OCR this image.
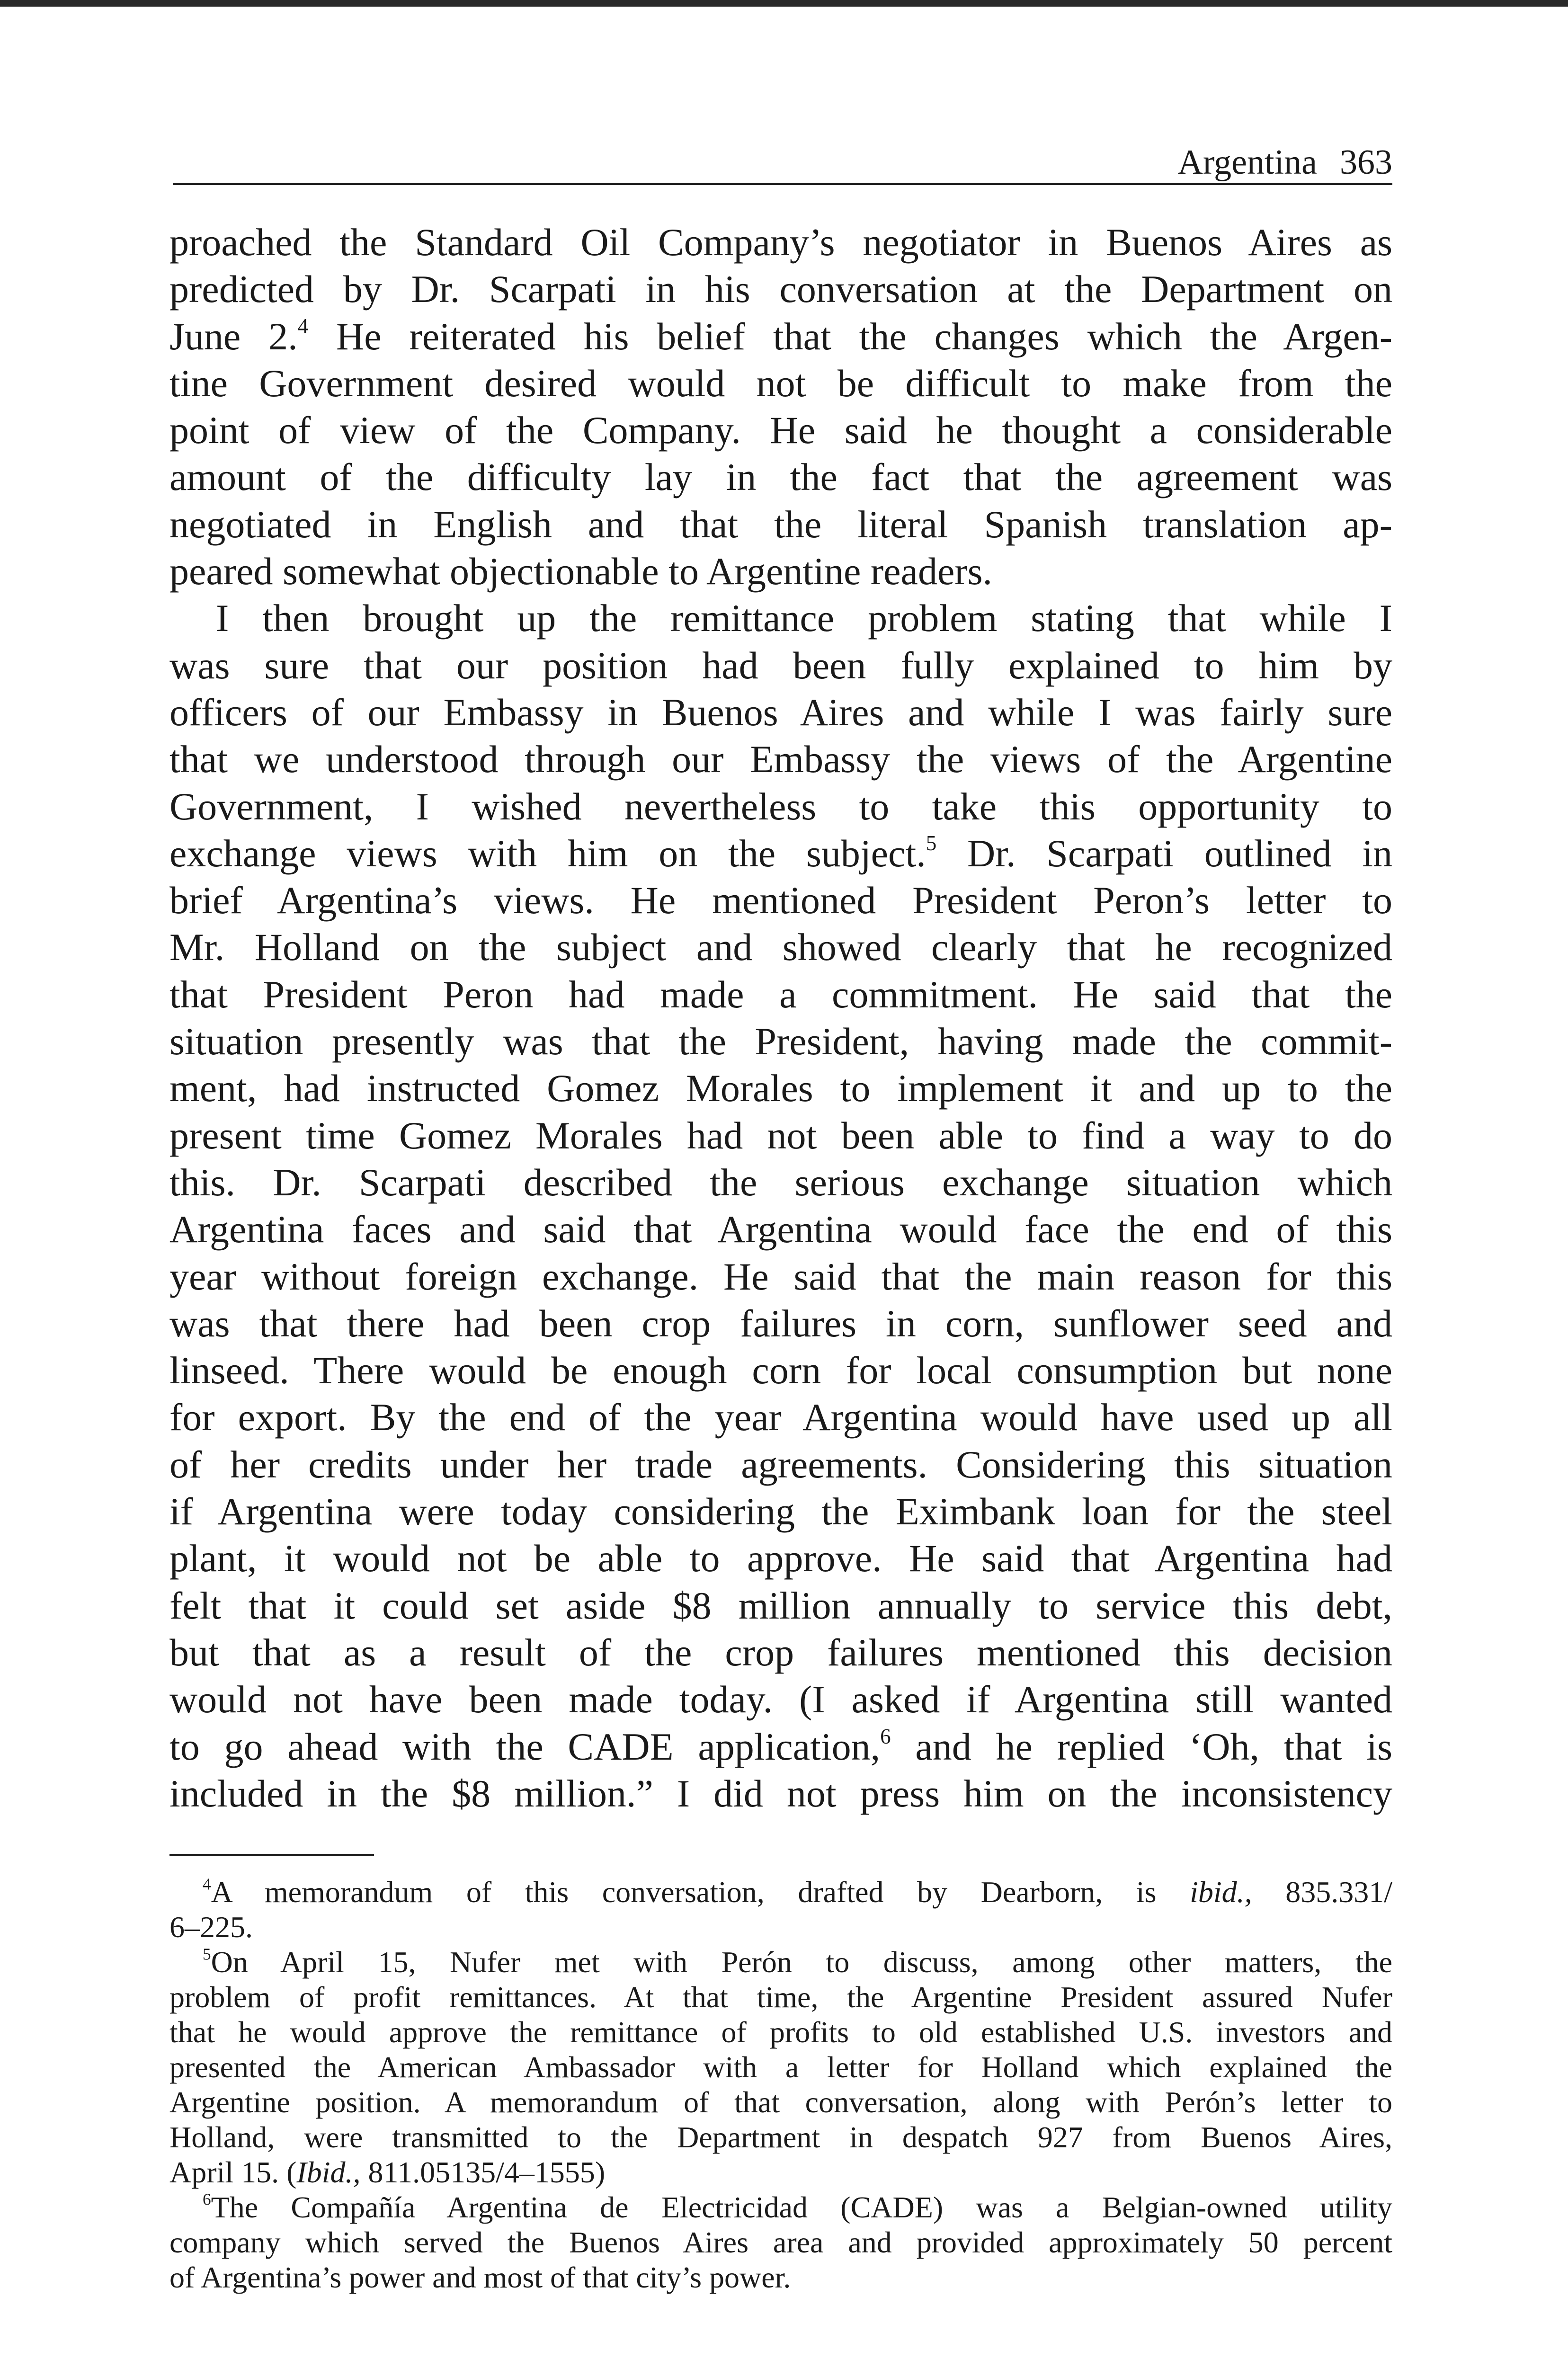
Argentina 363

proached the Standard Oil Company’s negotiator in Buenos Aires as
predicted by Dr. Scarpati in his conversation at the Department on
June 2.$^4$ He reiterated his belief that the changes which the Argen-
tine Government desired would not be difficult to make from the
point of view of the Company. He said he thought a considerable
amount of the difficulty lay in the fact that the agreement was
negotiated in English and that the literal Spanish translation ap-
peared somewhat objectionable to Argentine readers.

I then brought up the remittance problem stating that while I
was sure that our position had been fully explained to him by
officers of our Embassy in Buenos Aires and while I was fairly sure
that we understood through our Embassy the views of the Argentine
Government, I wished nevertheless to take this opportunity to
exchange views with him on the subject.$^5$ Dr. Scarpati outlined in
brief Argentina’s views. He mentioned President Peron’s letter to
Mr. Holland on the subject and showed clearly that he recognized
that President Peron had made a commitment. He said that the
situation presently was that the President, having made the commit-
ment, had instructed Gomez Morales to implement it and up to the
present time Gomez Morales had not been able to find a way to do
this. Dr. Scarpati described the serious exchange situation which
Argentina faces and said that Argentina would face the end of this
year without foreign exchange. He said that the main reason for this
was that there had been crop failures in corn, sunflower seed and
linseed. There would be enough corn for local consumption but none
for export. By the end of the year Argentina would have used up all
of her credits under her trade agreements. Considering this situation
if Argentina were today considering the Eximbank loan for the steel
plant, it would not be able to approve. He said that Argentina had
felt that it could set aside $8 million annually to service this debt,
but that as a result of the crop failures mentioned this decision
would not have been made today. (I asked if Argentina still wanted
to go ahead with the CADE application,$^6$ and he replied ‘Oh, that is
included in the $8 million.” I did not press him on the inconsistency

$^4$A memorandum of this conversation, drafted by Dearborn, is ibid., 835.331/
6–225.
$^5$On April 15, Nufer met with Perón to discuss, among other matters, the
problem of profit remittances. At that time, the Argentine President assured Nufer
that he would approve the remittance of profits to old established U.S. investors and
presented the American Ambassador with a letter for Holland which explained the
Argentine position. A memorandum of that conversation, along with Perón’s letter to
Holland, were transmitted to the Department in despatch 927 from Buenos Aires,
April 15. (Ibid., 811.05135/4–1555)
$^6$The Compañía Argentina de Electricidad (CADE) was a Belgian-owned utility
company which served the Buenos Aires area and provided approximately 50 percent
of Argentina’s power and most of that city’s power.
